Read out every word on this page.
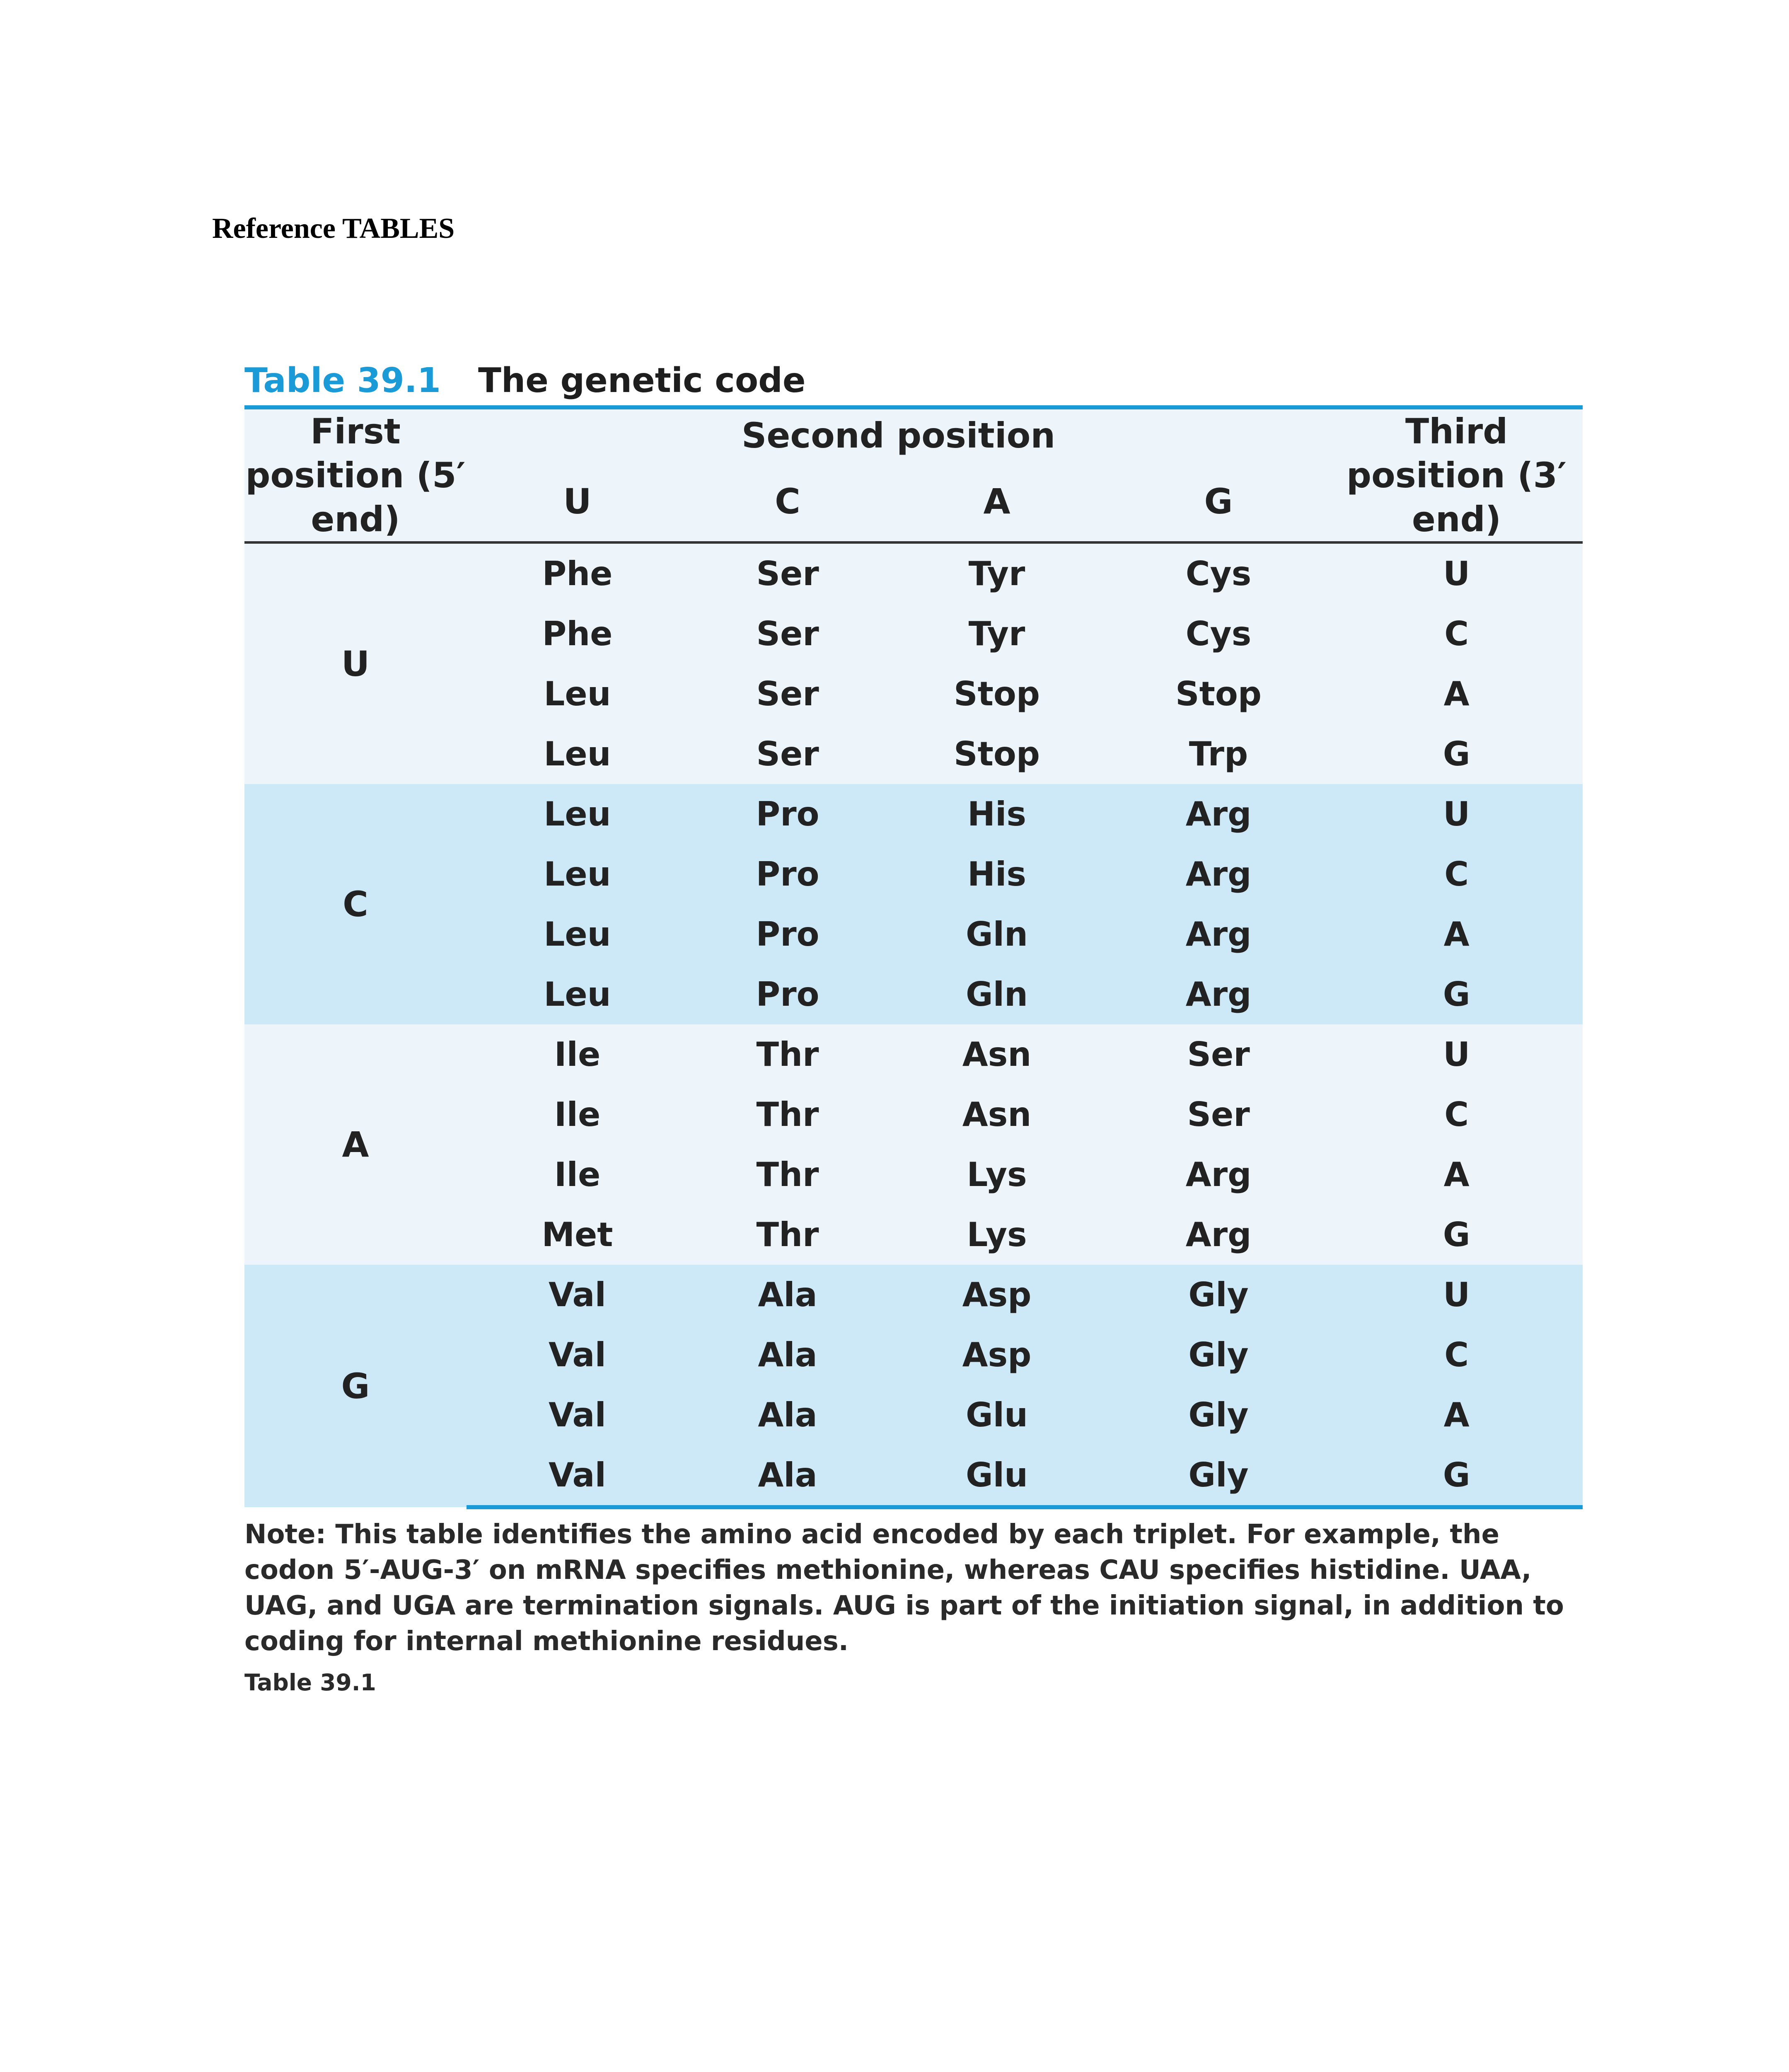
Reference TABLES
Table 39.1 The genetic code
First position (5′ end)	Second position				Third position (3′ end)
	U	C	A	G	
U	Phe	Ser	Tyr	Cys	U
	Phe	Ser	Tyr	Cys	C
	Leu	Ser	Stop	Stop	A
	Leu	Ser	Stop	Trp	G
C	Leu	Pro	His	Arg	U
	Leu	Pro	His	Arg	C
	Leu	Pro	Gln	Arg	A
	Leu	Pro	Gln	Arg	G
A	Ile	Thr	Asn	Ser	U
	Ile	Thr	Asn	Ser	C
	Ile	Thr	Lys	Arg	A
	Met	Thr	Lys	Arg	G
G	Val	Ala	Asp	Gly	U
	Val	Ala	Asp	Gly	C
	Val	Ala	Glu	Gly	A
	Val	Ala	Glu	Gly	G
Note: This table identifies the amino acid encoded by each triplet. For example, the codon 5′-AUG-3′ on mRNA specifies methionine, whereas CAU specifies histidine. UAA, UAG, and UGA are termination signals. AUG is part of the initiation signal, in addition to coding for internal methionine residues.
Table 39.1
